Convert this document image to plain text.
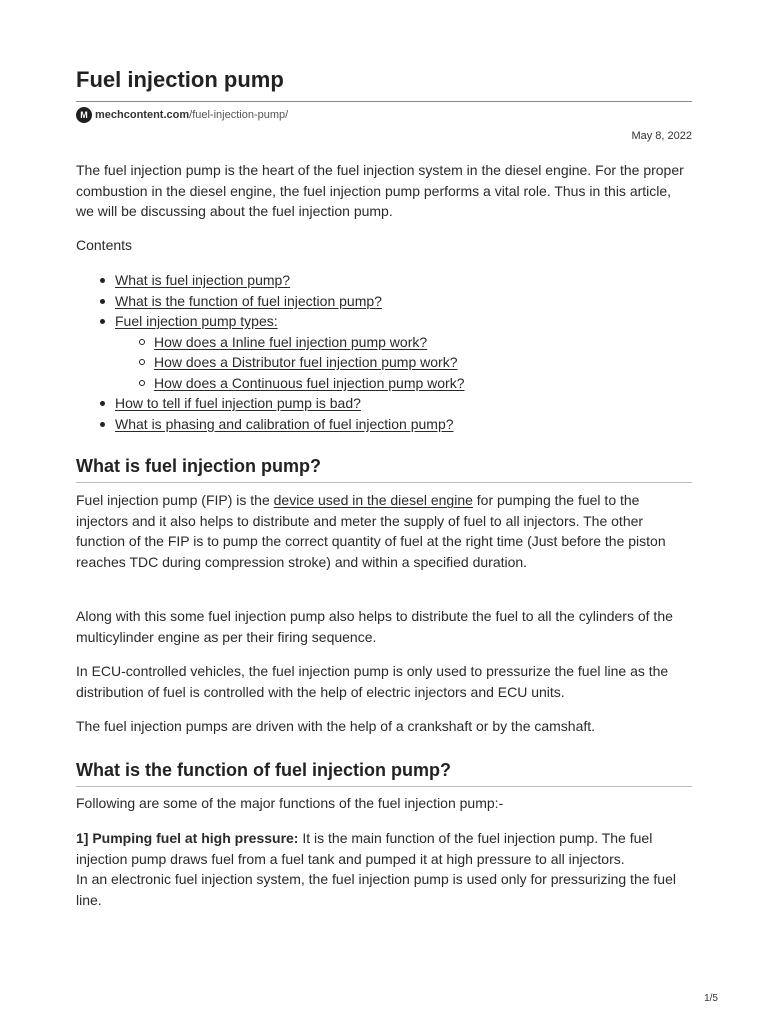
Fuel injection pump
M mechcontent.com /fuel-injection-pump/
May 8, 2022

The fuel injection pump is the heart of the fuel injection system in the diesel engine. For the proper combustion in the diesel engine, the fuel injection pump performs a vital role. Thus in this article, we will be discussing about the fuel injection pump.

Contents

What is fuel injection pump?
What is the function of fuel injection pump?
Fuel injection pump types:
How does a Inline fuel injection pump work?
How does a Distributor fuel injection pump work?
How does a Continuous fuel injection pump work?
How to tell if fuel injection pump is bad?
What is phasing and calibration of fuel injection pump?
What is fuel injection pump?

Fuel injection pump (FIP) is the device used in the diesel engine for pumping the fuel to the injectors and it also helps to distribute and meter the supply of fuel to all injectors. The other function of the FIP is to pump the correct quantity of fuel at the right time (Just before the piston reaches TDC during compression stroke) and within a specified duration.

Along with this some fuel injection pump also helps to distribute the fuel to all the cylinders of the multicylinder engine as per their firing sequence.

In ECU-controlled vehicles, the fuel injection pump is only used to pressurize the fuel line as the distribution of fuel is controlled with the help of electric injectors and ECU units.

The fuel injection pumps are driven with the help of a crankshaft or by the camshaft.

What is the function of fuel injection pump?

Following are some of the major functions of the fuel injection pump:-

1] Pumping fuel at high pressure: It is the main function of the fuel injection pump. The fuel injection pump draws fuel from a fuel tank and pumped it at high pressure to all injectors.
In an electronic fuel injection system, the fuel injection pump is used only for pressurizing the fuel line.

1/5
